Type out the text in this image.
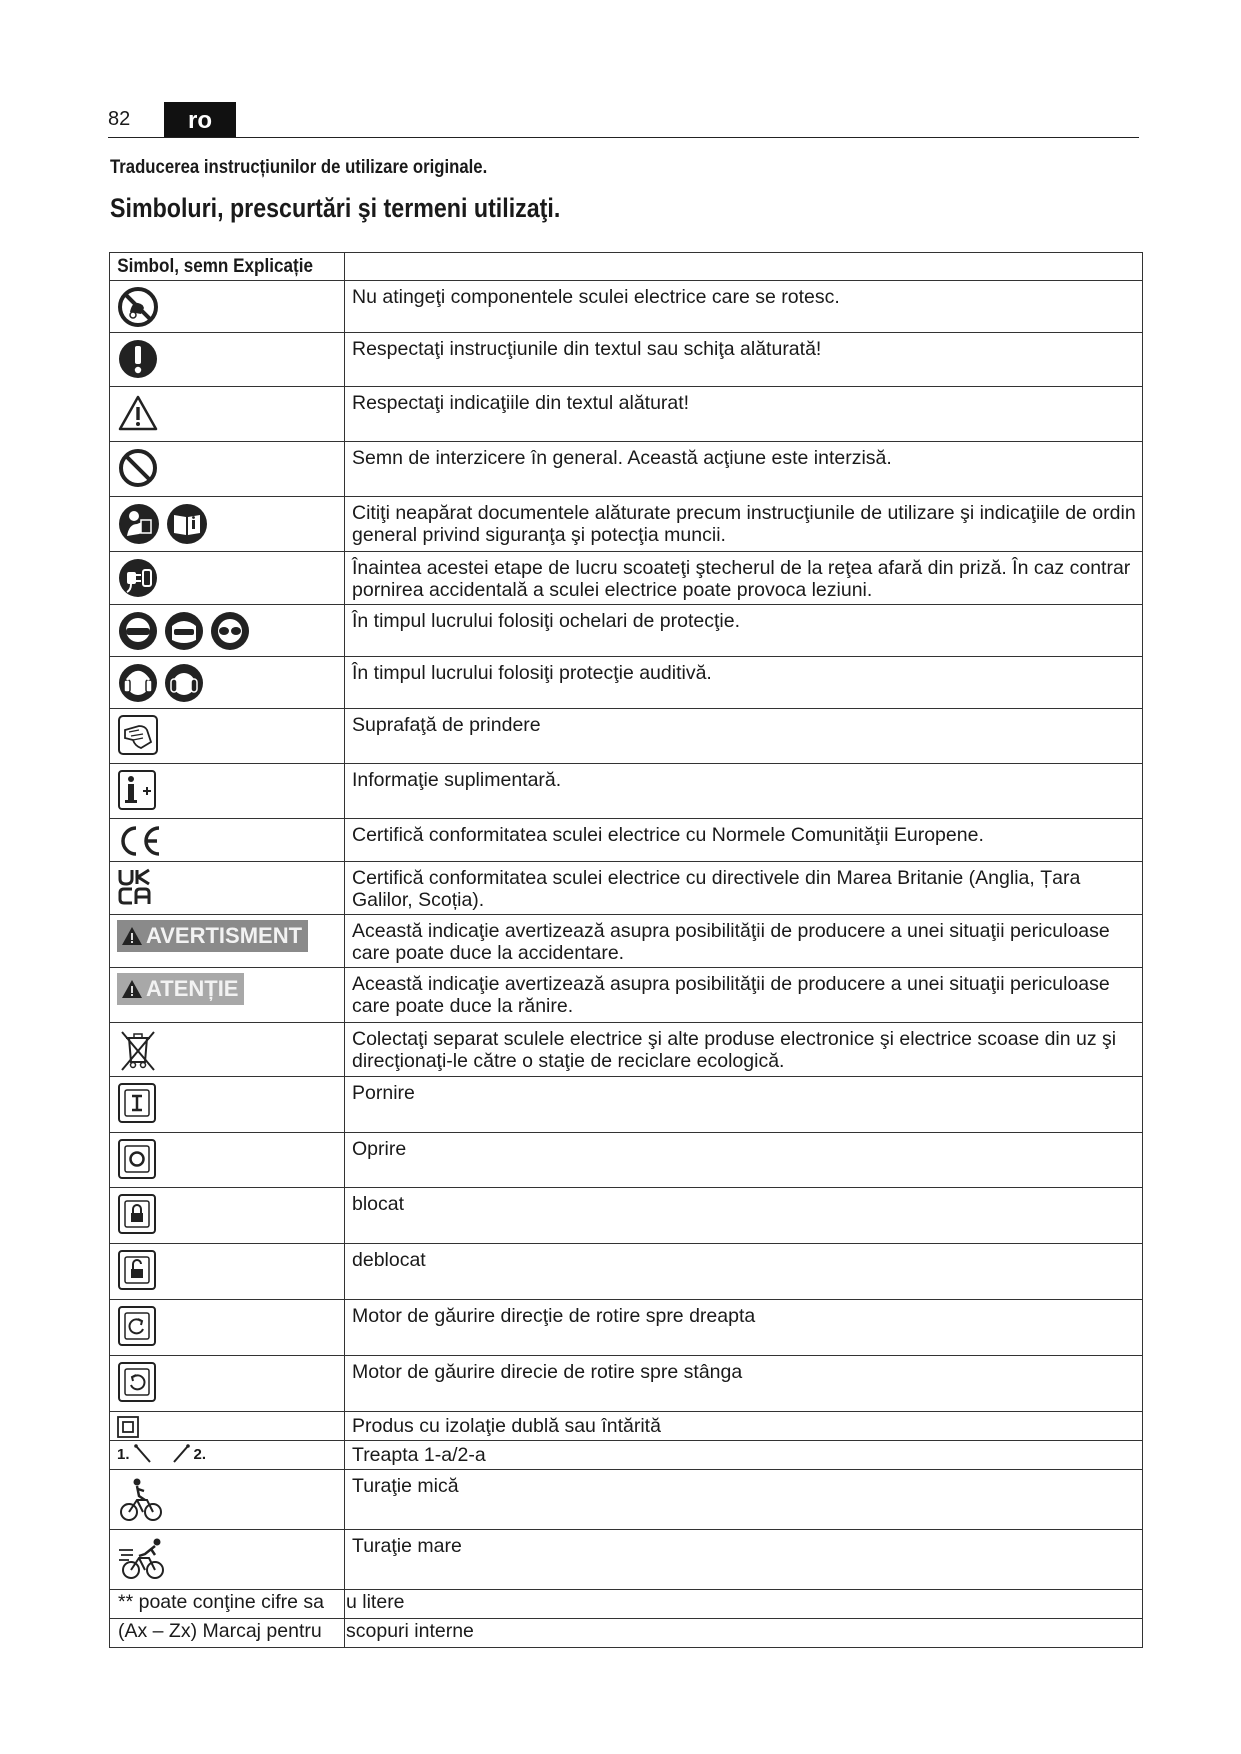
82	ro
Traducerea instrucțiunilor de utilizare originale.
Simboluri, prescurtări şi termeni utilizaţi.
Simbol, semn Explicație	

Nu atingeţi componentele sculei electrice care se rotesc.

Respectaţi instrucţiunile din textul sau schiţa alăturată!

Respectaţi indicaţiile din textul alăturat!

Semn de interzicere în general. Această acţiune este interzisă.

Citiţi neapărat documentele alăturate precum instrucţiunile de utilizare şi indicaţiile de ordin general privind siguranţa şi potecţia muncii.

Înaintea acestei etape de lucru scoateţi ştecherul de la reţea afară din priză. În caz contrar pornirea accidentală a sculei electrice poate provoca leziuni.

În timpul lucrului folosiţi ochelari de protecţie.

În timpul lucrului folosiţi protecţie auditivă.

Suprafaţă de prindere

Informaţie suplimentară.

Certifică conformitatea sculei electrice cu Normele Comunităţii Europene.

Certifică conformitatea sculei electrice cu directivele din Marea Britanie (Anglia, Țara Galilor, Scoția).

AVERTISMENT	Această indicaţie avertizează asupra posibilităţii de producere a unei situaţii periculoase care poate duce la accidentare.

ATENȚIE	Această indicaţie avertizează asupra posibilităţii de producere a unei situaţii periculoase care poate duce la rănire.

Colectaţi separat sculele electrice şi alte produse electronice şi electrice scoase din uz şi direcţionaţi-le către o staţie de reciclare ecologică.

Pornire

Oprire

blocat

deblocat

Motor de găurire direcţie de rotire spre dreapta

Motor de găurire direcie de rotire spre stânga

Produs cu izolaţie dublă sau întărită

1. 2.	Treapta 1-a/2-a

Turaţie mică

Turaţie mare

** poate conţine cifre sa	u litere

(Ax – Zx) Marcaj pentru	scopuri interne
